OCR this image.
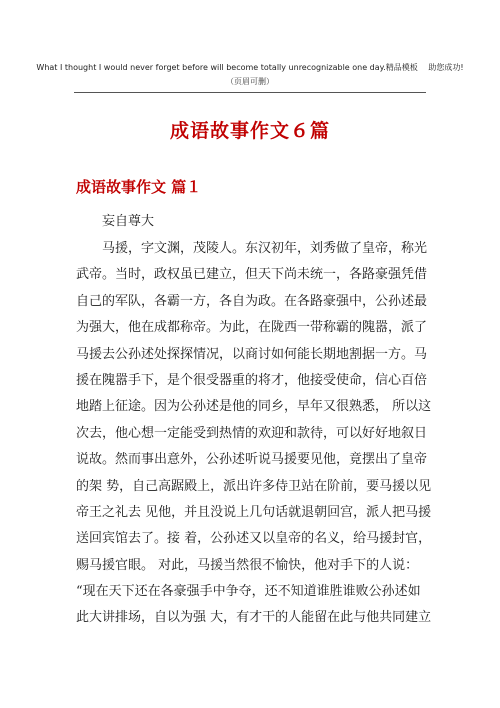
What I thought I would never forget before will become totally unrecognizable one day.精品模板　 助您成功!
（页眉可删）
成语故事作文６篇
成语故事作文 篇１
妄自尊大
　　马援，字文渊，茂陵人。东汉初年，刘秀做了皇帝，称光
武帝。当时，政权虽已建立，但天下尚未统一，各路豪强凭借
自己的军队，各霸一方，各自为政。在各路豪强中，公孙述最
为强大，他在成都称帝。为此，在陇西一带称霸的隗嚣，派了
马援去公孙述处探探情况，以商讨如何能长期地割据一方。马
援在隗嚣手下，是个很受器重的将才，他接受使命，信心百倍
地踏上征途。因为公孙述是他的同乡，早年又很熟悉， 所以这
次去，他心想一定能受到热情的欢迎和款待，可以好好地叙日
说故。然而事出意外，公孙述听说马援要见他，竟摆出了皇帝
的架 势，自己高踞殿上，派出许多侍卫站在阶前，要马援以见
帝王之礼去 见他，并且没说上几句话就退朝回宫，派人把马援
送回宾馆去了。接 着，公孙述又以皇帝的名义，给马援封官，
赐马援官眼。 对此，马援当然很不愉快，他对手下的人说：
“现在天下还在各豪强手中争夺，还不知道谁胜谁败公孙述如
此大讲排场，自以为强 大，有才干的人能留在此与他共同建立
